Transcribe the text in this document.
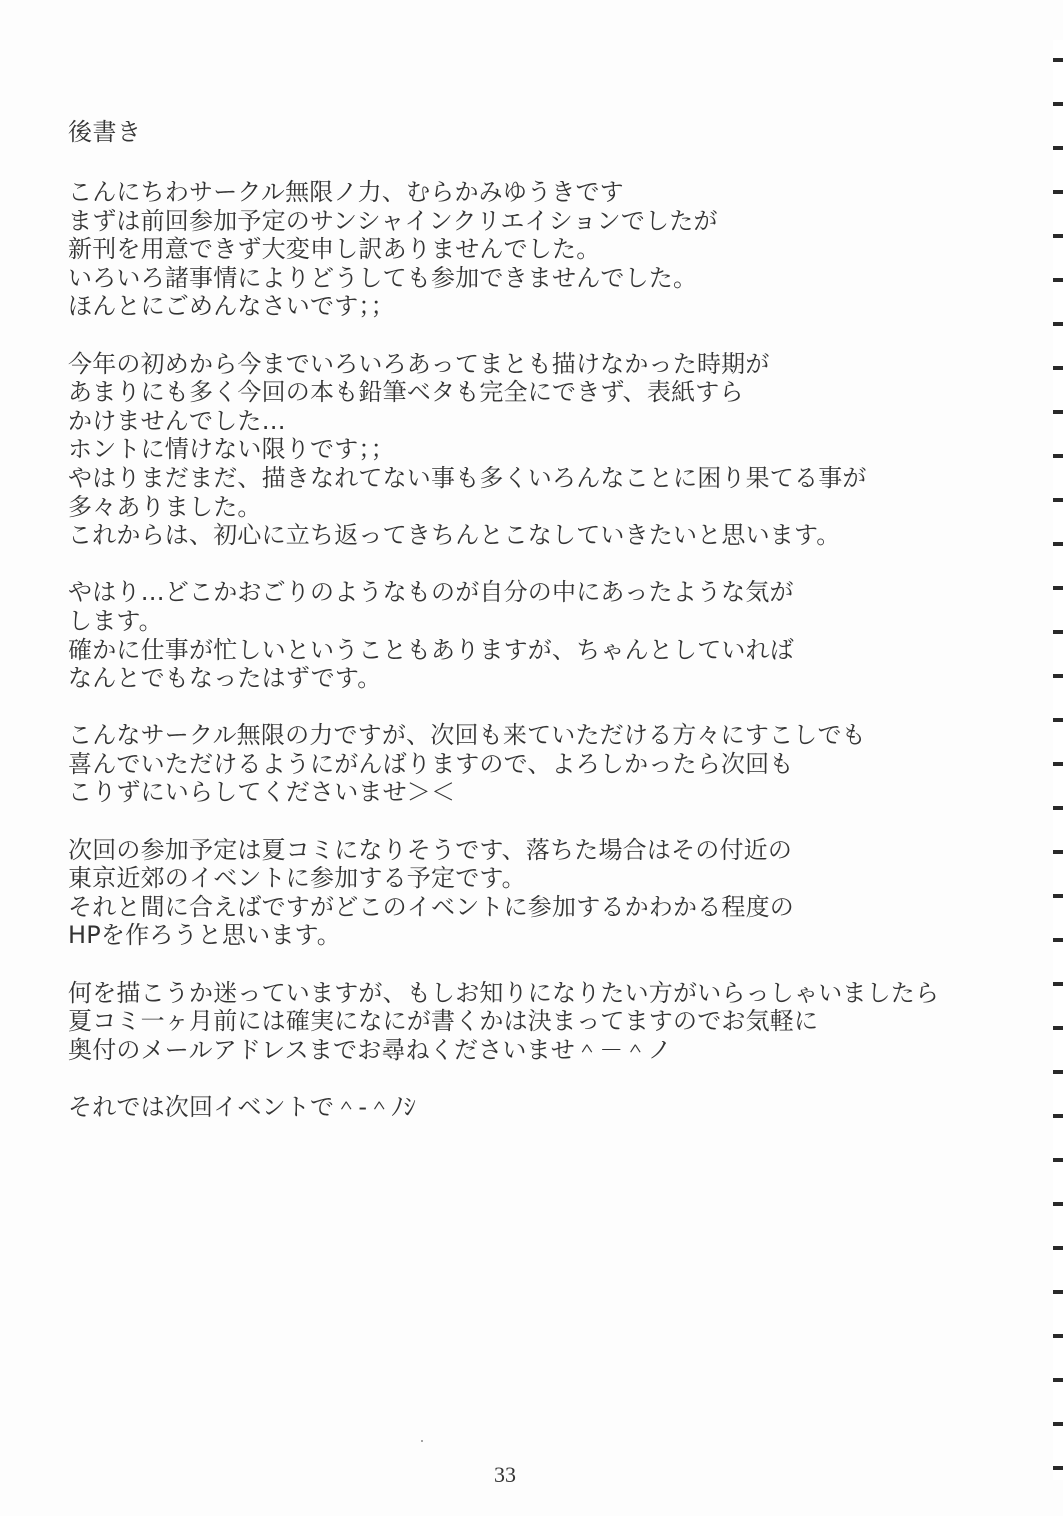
後書き
こんにちわサークル無限ノ力、むらかみゆうきです
まずは前回参加予定のサンシャインクリエイションでしたが
新刊を用意できず大変申し訳ありませんでした。
いろいろ諸事情によりどうしても参加できませんでした。
ほんとにごめんなさいです；；
今年の初めから今までいろいろあってまとも描けなかった時期が
あまりにも多く今回の本も鉛筆ベタも完全にできず、表紙すら
かけませんでした…
ホントに情けない限りです；；
やはりまだまだ、描きなれてない事も多くいろんなことに困り果てる事が
多々ありました。
これからは、初心に立ち返ってきちんとこなしていきたいと思います。
やはり…どこかおごりのようなものが自分の中にあったような気が
します。
確かに仕事が忙しいということもありますが、ちゃんとしていれば
なんとでもなったはずです。
こんなサークル無限の力ですが、次回も来ていただける方々にすこしでも
喜んでいただけるようにがんばりますので、よろしかったら次回も
こりずにいらしてくださいませ＞＜
次回の参加予定は夏コミになりそうです、落ちた場合はその付近の
東京近郊のイベントに参加する予定です。
それと間に合えばですがどこのイベントに参加するかわかる程度の
HPを作ろうと思います。
何を描こうか迷っていますが、もしお知りになりたい方がいらっしゃいましたら
夏コミ一ヶ月前には確実になにが書くかは決まってますのでお気軽に
奥付のメールアドレスまでお尋ねくださいませ＾－＾ノ
それでは次回イベントで＾-＾ﾉｼ
33
